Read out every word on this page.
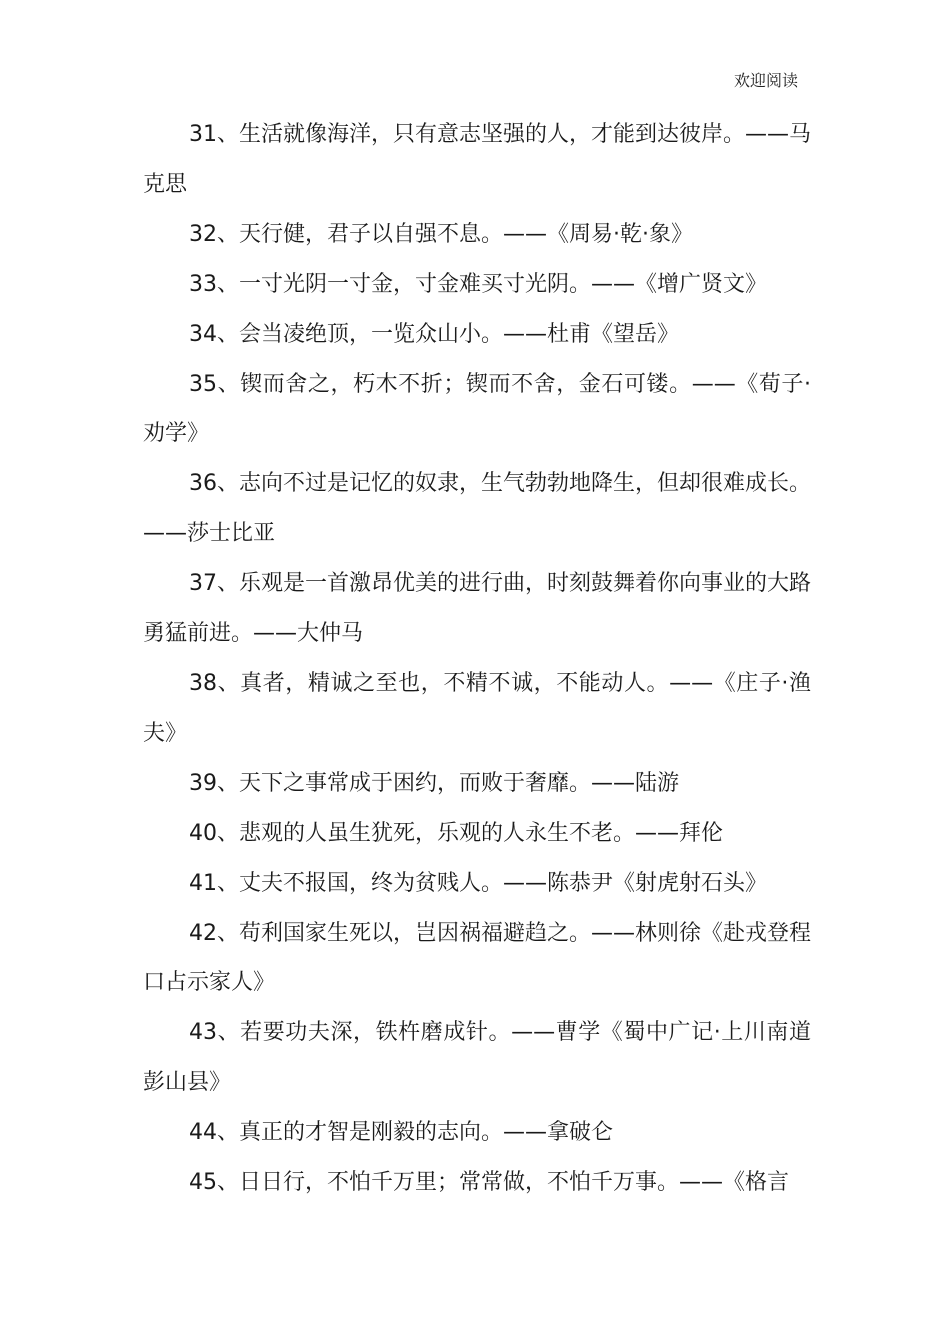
欢迎阅读

31、生活就像海洋，只有意志坚强的人，才能到达彼岸。——马克思

32、天行健，君子以自强不息。——《周易·乾·象》

33、一寸光阴一寸金，寸金难买寸光阴。——《增广贤文》

34、会当凌绝顶，一览众山小。——杜甫《望岳》

35、锲而舍之，朽木不折；锲而不舍，金石可镂。——《荀子·劝学》

36、志向不过是记忆的奴隶，生气勃勃地降生，但却很难成长。——莎士比亚

37、乐观是一首激昂优美的进行曲，时刻鼓舞着你向事业的大路勇猛前进。——大仲马

38、真者，精诚之至也，不精不诚，不能动人。——《庄子·渔夫》

39、天下之事常成于困约，而败于奢靡。——陆游

40、悲观的人虽生犹死，乐观的人永生不老。——拜伦

41、丈夫不报国，终为贫贱人。——陈恭尹《射虎射石头》

42、苟利国家生死以，岂因祸福避趋之。——林则徐《赴戎登程口占示家人》

43、若要功夫深，铁杵磨成针。——曹学《蜀中广记·上川南道彭山县》

44、真正的才智是刚毅的志向。——拿破仑

45、日日行，不怕千万里；常常做，不怕千万事。——《格言
